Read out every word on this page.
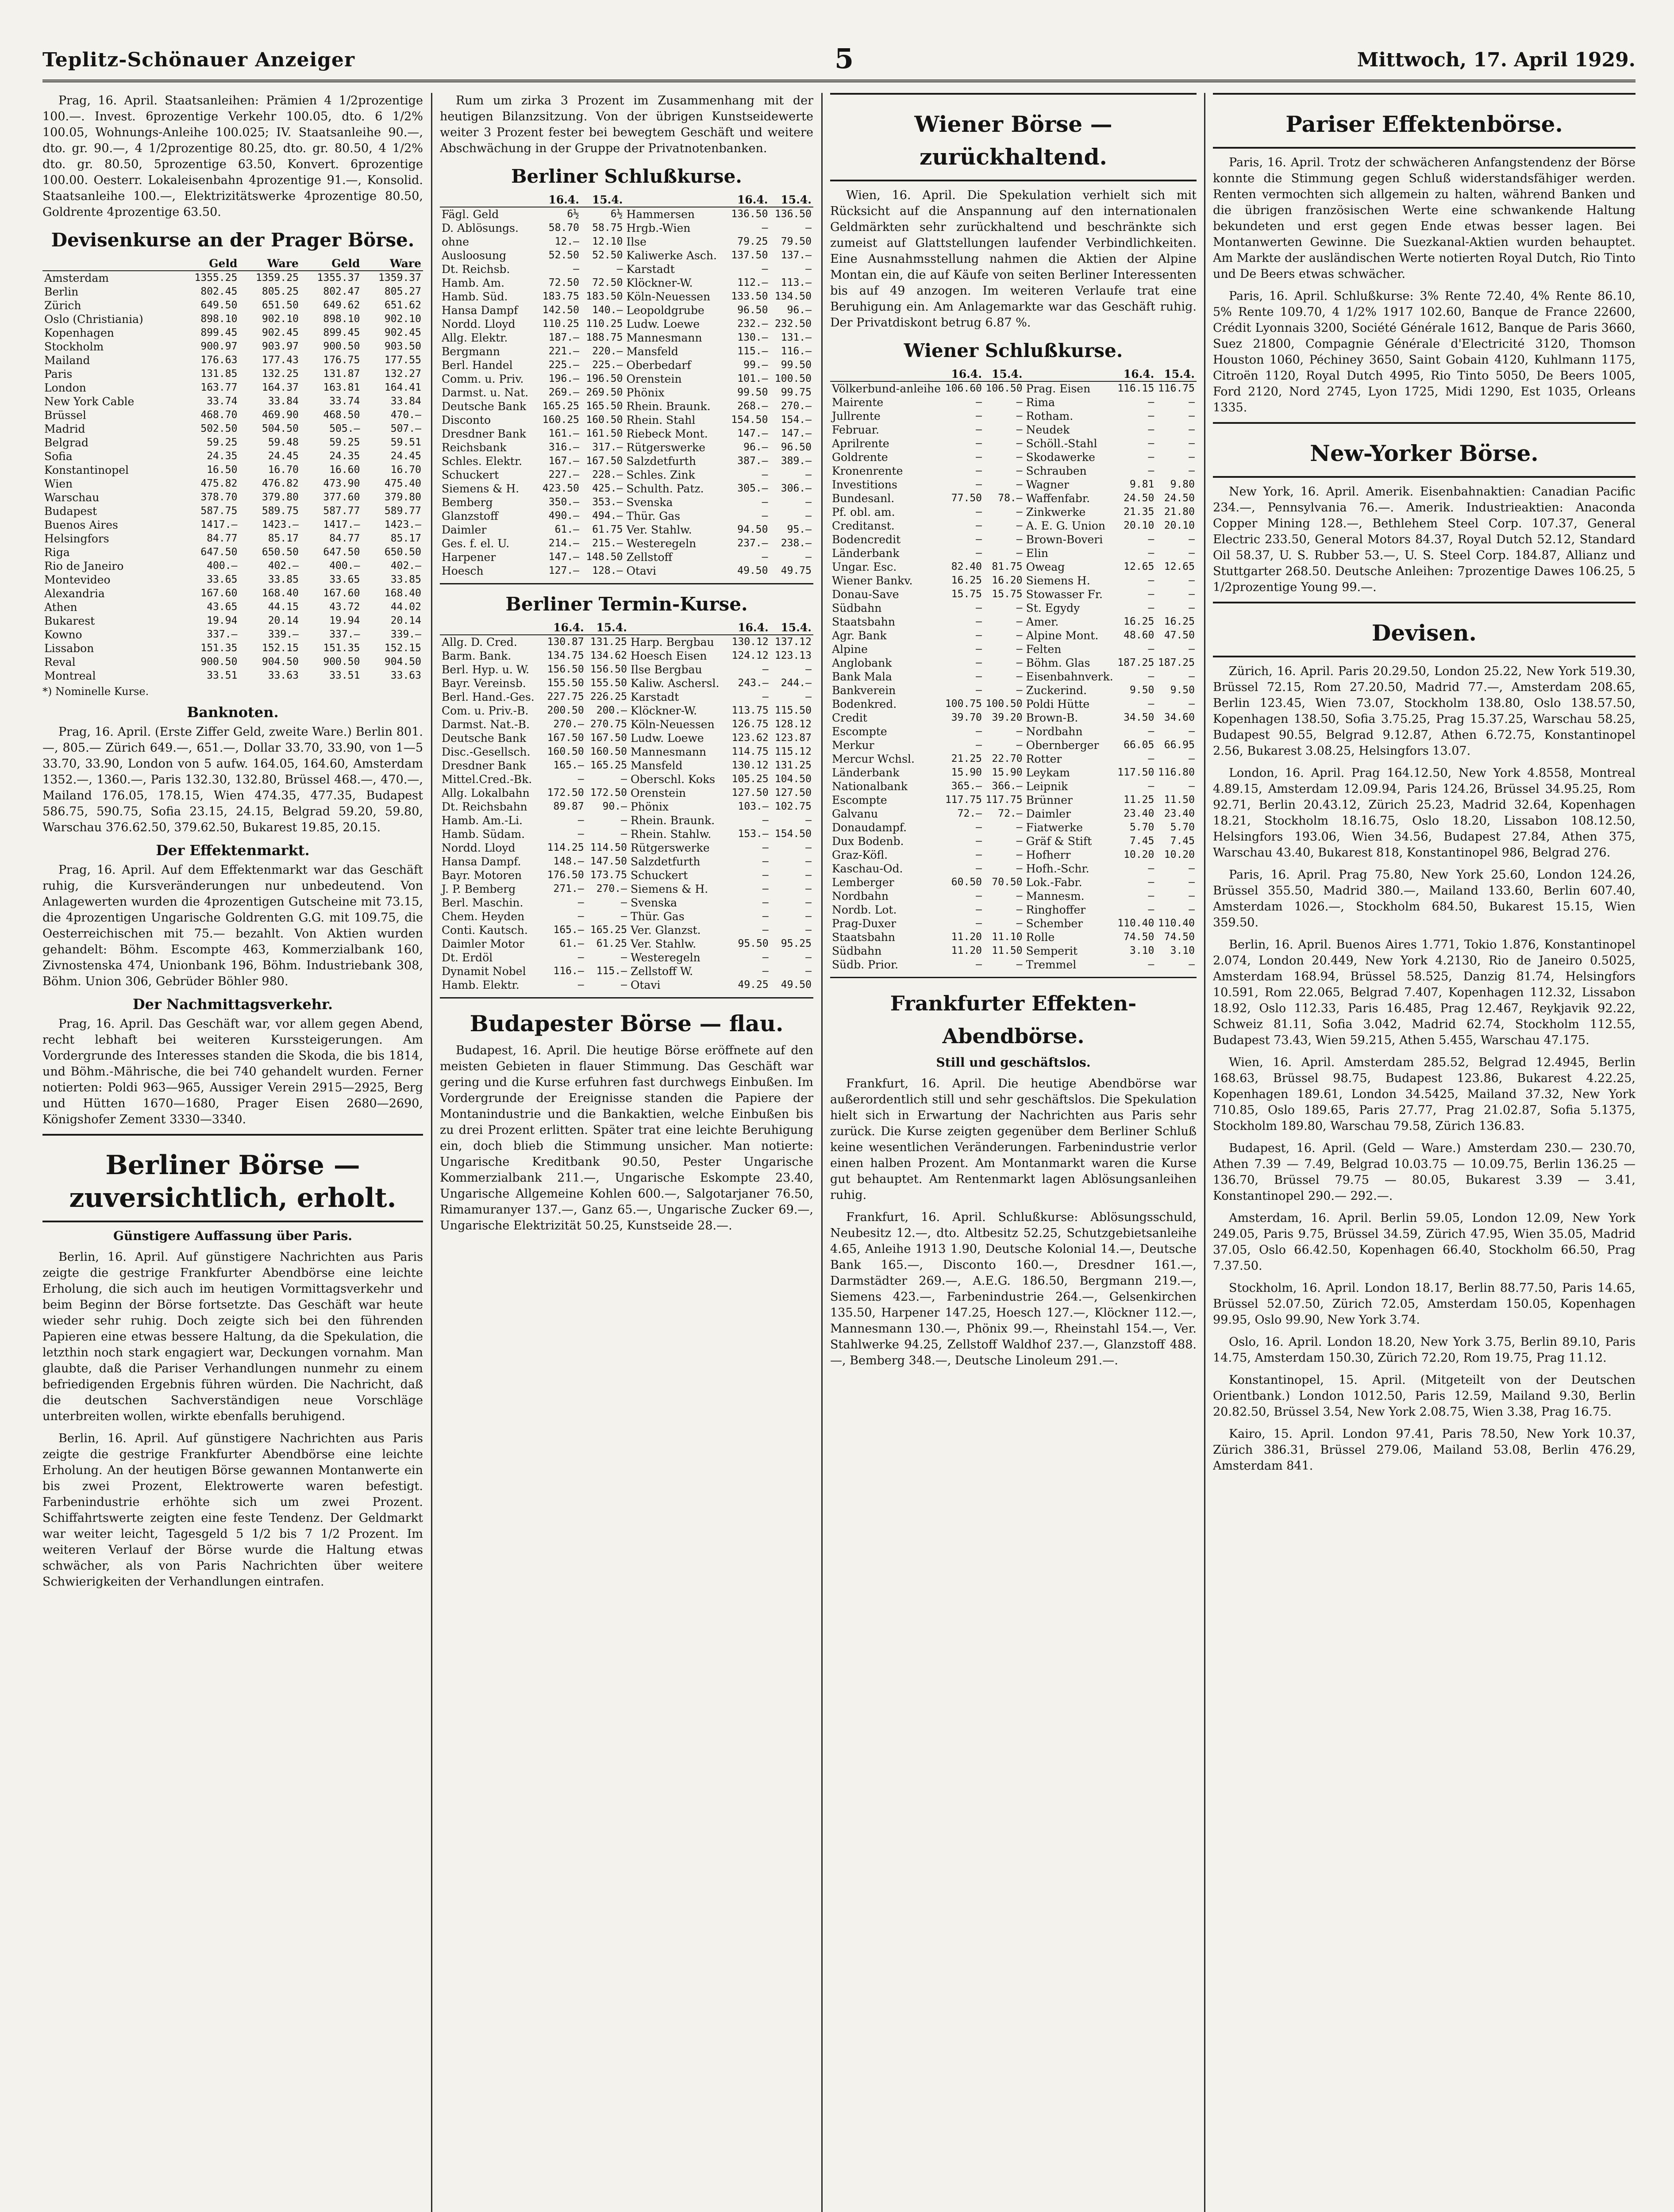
Teplitz-Schönauer Anzeiger	5	Mittwoch, 17. April 1929.

Prag, 16. April. Staatsanleihen: Prämien 4 1/2prozentige 100.—. Invest. 6prozentige Verkehr 100.05, dto. 6 1/2% 100.05, Wohnungs-Anleihe 100.025; IV. Staatsanleihe 90.—, dto. gr. 90.—, 4 1/2prozentige 80.25, dto. gr. 80.50, 4 1/2% dto. gr. 80.50, 5prozentige 63.50, Konvert. 6prozentige 100.00. Oesterr. Lokaleisenbahn 4prozentige 91.—, Konsolid. Staatsanleihe 100.—, Elektrizitätswerke 4prozentige 80.50, Goldrente 4prozentige 63.50.

Devisenkurse an der Prager Börse.
	Geld	Ware	Geld	Ware
Amsterdam	1355.25	1359.25	1355.37	1359.37
Berlin	802.45	805.25	802.47	805.27
Zürich	649.50	651.50	649.62	651.62
Oslo (Christiania)	898.10	902.10	898.10	902.10
Kopenhagen	899.45	902.45	899.45	902.45
Stockholm	900.97	903.97	900.50	903.50
Mailand	176.63	177.43	176.75	177.55
Paris	131.85	132.25	131.87	132.27
London	163.77	164.37	163.81	164.41
New York Cable	33.74	33.84	33.74	33.84
Brüssel	468.70	469.90	468.50	470.—
Madrid	502.50	504.50	505.—	507.—
Belgrad	59.25	59.48	59.25	59.51
Sofia	24.35	24.45	24.35	24.45
Konstantinopel	16.50	16.70	16.60	16.70
Wien	475.82	476.82	473.90	475.40
Warschau	378.70	379.80	377.60	379.80
Budapest	587.75	589.75	587.77	589.77
Buenos Aires	1417.—	1423.—	1417.—	1423.—
Helsingfors	84.77	85.17	84.77	85.17
Riga	647.50	650.50	647.50	650.50
Rio de Janeiro	400.—	402.—	400.—	402.—
Montevideo	33.65	33.85	33.65	33.85
Alexandria	167.60	168.40	167.60	168.40
Athen	43.65	44.15	43.72	44.02
Bukarest	19.94	20.14	19.94	20.14
Kowno	337.—	339.—	337.—	339.—
Lissabon	151.35	152.15	151.35	152.15
Reval	900.50	904.50	900.50	904.50
Montreal	33.51	33.63	33.51	33.63
*) Nominelle Kurse.
Banknoten.

Prag, 16. April. (Erste Ziffer Geld, zweite Ware.) Berlin 801.—, 805.— Zürich 649.—, 651.—, Dollar 33.70, 33.90, von 1—5 33.70, 33.90, London von 5 aufw. 164.05, 164.60, Amsterdam 1352.—, 1360.—, Paris 132.30, 132.80, Brüssel 468.—, 470.—, Mailand 176.05, 178.15, Wien 474.35, 477.35, Budapest 586.75, 590.75, Sofia 23.15, 24.15, Belgrad 59.20, 59.80, Warschau 376.62.50, 379.62.50, Bukarest 19.85, 20.15.

Der Effektenmarkt.

Prag, 16. April. Auf dem Effektenmarkt war das Geschäft ruhig, die Kursveränderungen nur unbedeutend. Von Anlagewerten wurden die 4prozentigen Gutscheine mit 73.15, die 4prozentigen Ungarische Goldrenten G.G. mit 109.75, die Oesterreichischen mit 75.— bezahlt. Von Aktien wurden gehandelt: Böhm. Escompte 463, Kommerzialbank 160, Zivnostenska 474, Unionbank 196, Böhm. Industriebank 308, Böhm. Union 306, Gebrüder Böhler 980.

Der Nachmittagsverkehr.

Prag, 16. April. Das Geschäft war, vor allem gegen Abend, recht lebhaft bei weiteren Kurssteigerungen. Am Vordergrunde des Interesses standen die Skoda, die bis 1814, und Böhm.-Mährische, die bei 740 gehandelt wurden. Ferner notierten: Poldi 963—965, Aussiger Verein 2915—2925, Berg und Hütten 1670—1680, Prager Eisen 2680—2690, Königshofer Zement 3330—3340.

Berliner Börse — zuversichtlich, erholt.
Günstigere Auffassung über Paris.

Berlin, 16. April. Auf günstigere Nachrichten aus Paris zeigte die gestrige Frankfurter Abendbörse eine leichte Erholung, die sich auch im heutigen Vormittagsverkehr und beim Beginn der Börse fortsetzte. Das Geschäft war heute wieder sehr ruhig. Doch zeigte sich bei den führenden Papieren eine etwas bessere Haltung, da die Spekulation, die letzthin noch stark engagiert war, Deckungen vornahm. Man glaubte, daß die Pariser Verhandlungen nunmehr zu einem befriedigenden Ergebnis führen würden. Die Nachricht, daß die deutschen Sachverständigen neue Vorschläge unterbreiten wollen, wirkte ebenfalls beruhigend.

Berlin, 16. April. Auf günstigere Nachrichten aus Paris zeigte die gestrige Frankfurter Abendbörse eine leichte Erholung. An der heutigen Börse gewannen Montanwerte ein bis zwei Prozent, Elektrowerte waren befestigt. Farbenindustrie erhöhte sich um zwei Prozent. Schiffahrtswerte zeigten eine feste Tendenz. Der Geldmarkt war weiter leicht, Tagesgeld 5 1/2 bis 7 1/2 Prozent. Im weiteren Verlauf der Börse wurde die Haltung etwas schwächer, als von Paris Nachrichten über weitere Schwierigkeiten der Verhandlungen eintrafen.

Rum um zirka 3 Prozent im Zusammenhang mit der heutigen Bilanzsitzung. Von der übrigen Kunstseidewerte weiter 3 Prozent fester bei bewegtem Geschäft und weitere Abschwächung in der Gruppe der Privatnotenbanken.

Berliner Schlußkurse.
	16.4.	15.4.		16.4.	15.4.
Fägl. Geld	6½	6½	Hammersen	136.50	136.50
D. Ablösungs.	58.70	58.75	Hrgb.-Wien	—	—
ohne	12.—	12.10	Ilse	79.25	79.50
Ausloosung	52.50	52.50	Kaliwerke Asch.	137.50	137.—
Dt. Reichsb.	—	—	Karstadt	—	—
Hamb. Am.	72.50	72.50	Klöckner-W.	112.—	113.—
Hamb. Süd.	183.75	183.50	Köln-Neuessen	133.50	134.50
Hansa Dampf	142.50	140.—	Leopoldgrube	96.50	96.—
Nordd. Lloyd	110.25	110.25	Ludw. Loewe	232.—	232.50
Allg. Elektr.	187.—	188.75	Mannesmann	130.—	131.—
Bergmann	221.—	220.—	Mansfeld	115.—	116.—
Berl. Handel	225.—	225.—	Oberbedarf	99.—	99.50
Comm. u. Priv.	196.—	196.50	Orenstein	101.—	100.50
Darmst. u. Nat.	269.—	269.50	Phönix	99.50	99.75
Deutsche Bank	165.25	165.50	Rhein. Braunk.	268.—	270.—
Disconto	160.25	160.50	Rhein. Stahl	154.50	154.—
Dresdner Bank	161.—	161.50	Riebeck Mont.	147.—	147.—
Reichsbank	316.—	317.—	Rütgerswerke	96.—	96.50
Schles. Elektr.	167.—	167.50	Salzdetfurth	387.—	389.—
Schuckert	227.—	228.—	Schles. Zink	—	—
Siemens & H.	423.50	425.—	Schulth. Patz.	305.—	306.—
Bemberg	350.—	353.—	Svenska	—	—
Glanzstoff	490.—	494.—	Thür. Gas	—	—
Daimler	61.—	61.75	Ver. Stahlw.	94.50	95.—
Ges. f. el. U.	214.—	215.—	Westeregeln	237.—	238.—
Harpener	147.—	148.50	Zellstoff	—	—
Hoesch	127.—	128.—	Otavi	49.50	49.75
Berliner Termin-Kurse.
	16.4.	15.4.		16.4.	15.4.
Allg. D. Cred.	130.87	131.25	Harp. Bergbau	130.12	137.12
Barm. Bank.	134.75	134.62	Hoesch Eisen	124.12	123.13
Berl. Hyp. u. W.	156.50	156.50	Ilse Bergbau	—	—
Bayr. Vereinsb.	155.50	155.50	Kaliw. Aschersl.	243.—	244.—
Berl. Hand.-Ges.	227.75	226.25	Karstadt	—	—
Com. u. Priv.-B.	200.50	200.—	Klöckner-W.	113.75	115.50
Darmst. Nat.-B.	270.—	270.75	Köln-Neuessen	126.75	128.12
Deutsche Bank	167.50	167.50	Ludw. Loewe	123.62	123.87
Disc.-Gesellsch.	160.50	160.50	Mannesmann	114.75	115.12
Dresdner Bank	165.—	165.25	Mansfeld	130.12	131.25
Mittel.Cred.-Bk.	—	—	Oberschl. Koks	105.25	104.50
Allg. Lokalbahn	172.50	172.50	Orenstein	127.50	127.50
Dt. Reichsbahn	89.87	90.—	Phönix	103.—	102.75
Hamb. Am.-Li.	—	—	Rhein. Braunk.	—	—
Hamb. Südam.	—	—	Rhein. Stahlw.	153.—	154.50
Nordd. Lloyd	114.25	114.50	Rütgerswerke	—	—
Hansa Dampf.	148.—	147.50	Salzdetfurth	—	—
Bayr. Motoren	176.50	173.75	Schuckert	—	—
J. P. Bemberg	271.—	270.—	Siemens & H.	—	—
Berl. Maschin.	—	—	Svenska	—	—
Chem. Heyden	—	—	Thür. Gas	—	—
Conti. Kautsch.	165.—	165.25	Ver. Glanzst.	—	—
Daimler Motor	61.—	61.25	Ver. Stahlw.	95.50	95.25
Dt. Erdöl	—	—	Westeregeln	—	—
Dynamit Nobel	116.—	115.—	Zellstoff W.	—	—
Hamb. Elektr.	—	—	Otavi	49.25	49.50
Budapester Börse — flau.

Budapest, 16. April. Die heutige Börse eröffnete auf den meisten Gebieten in flauer Stimmung. Das Geschäft war gering und die Kurse erfuhren fast durchwegs Einbußen. Im Vordergrunde der Ereignisse standen die Papiere der Montanindustrie und die Bankaktien, welche Einbußen bis zu drei Prozent erlitten. Später trat eine leichte Beruhigung ein, doch blieb die Stimmung unsicher. Man notierte: Ungarische Kreditbank 90.50, Pester Ungarische Kommerzialbank 211.—, Ungarische Eskompte 23.40, Ungarische Allgemeine Kohlen 600.—, Salgotarjaner 76.50, Rimamuranyer 137.—, Ganz 65.—, Ungarische Zucker 69.—, Ungarische Elektrizität 50.25, Kunstseide 28.—.

Wiener Börse — zurückhaltend.

Wien, 16. April. Die Spekulation verhielt sich mit Rücksicht auf die Anspannung auf den internationalen Geldmärkten sehr zurückhaltend und beschränkte sich zumeist auf Glattstellungen laufender Verbindlichkeiten. Eine Ausnahmsstellung nahmen die Aktien der Alpine Montan ein, die auf Käufe von seiten Berliner Interessenten bis auf 49 anzogen. Im weiteren Verlaufe trat eine Beruhigung ein. Am Anlagemarkte war das Geschäft ruhig. Der Privatdiskont betrug 6.87 %.

Wiener Schlußkurse.
	16.4.	15.4.		16.4.	15.4.
Völkerbund-anleihe	106.60	106.50	Prag. Eisen	116.15	116.75
Mairente	—	—	Rima	—	—
Jullrente	—	—	Rotham.	—	—
Februar.	—	—	Neudek	—	—
Aprilrente	—	—	Schöll.-Stahl	—	—
Goldrente	—	—	Skodawerke	—	—
Kronenrente	—	—	Schrauben	—	—
Investitions	—	—	Wagner	9.81	9.80
Bundesanl.	77.50	78.—	Waffenfabr.	24.50	24.50
Pf. obl. am.	—	—	Zinkwerke	21.35	21.80
Creditanst.	—	—	A. E. G. Union	20.10	20.10
Bodencredit	—	—	Brown-Boveri	—	—
Länderbank	—	—	Elin	—	—
Ungar. Esc.	82.40	81.75	Oweag	12.65	12.65
Wiener Bankv.	16.25	16.20	Siemens H.	—	—
Donau-Save	15.75	15.75	Stowasser Fr.	—	—
Südbahn	—	—	St. Egydy	—	—
Staatsbahn	—	—	Amer.	16.25	16.25
Agr. Bank	—	—	Alpine Mont.	48.60	47.50
Alpine	—	—	Felten	—	—
Anglobank	—	—	Böhm. Glas	187.25	187.25
Bank Mala	—	—	Eisenbahnverk.	—	—
Bankverein	—	—	Zuckerind.	9.50	9.50
Bodenkred.	100.75	100.50	Poldi Hütte	—	—
Credit	39.70	39.20	Brown-B.	34.50	34.60
Escompte	—	—	Nordbahn	—	—
Merkur	—	—	Obernberger	66.05	66.95
Mercur Wchsl.	21.25	22.70	Rotter	—	—
Länderbank	15.90	15.90	Leykam	117.50	116.80
Nationalbank	365.—	366.—	Leipnik	—	—
Escompte	117.75	117.75	Brünner	11.25	11.50
Galvanu	72.—	72.—	Daimler	23.40	23.40
Donaudampf.	—	—	Fiatwerke	5.70	5.70
Dux Bodenb.	—	—	Gräf & Stift	7.45	7.45
Graz-Köfl.	—	—	Hofherr	10.20	10.20
Kaschau-Od.	—	—	Hofh.-Schr.	—	—
Lemberger	60.50	70.50	Lok.-Fabr.	—	—
Nordbahn	—	—	Mannesm.	—	—
Nordb. Lot.	—	—	Ringhoffer	—	—
Prag-Duxer	—	—	Schember	110.40	110.40
Staatsbahn	11.20	11.10	Rolle	74.50	74.50
Südbahn	11.20	11.50	Semperit	3.10	3.10
Südb. Prior.	—	—	Tremmel	—	—
Frankfurter Effekten-Abendbörse.
Still und geschäftslos.

Frankfurt, 16. April. Die heutige Abendbörse war außerordentlich still und sehr geschäftslos. Die Spekulation hielt sich in Erwartung der Nachrichten aus Paris sehr zurück. Die Kurse zeigten gegenüber dem Berliner Schluß keine wesentlichen Veränderungen. Farbenindustrie verlor einen halben Prozent. Am Montanmarkt waren die Kurse gut behauptet. Am Rentenmarkt lagen Ablösungsanleihen ruhig.

Frankfurt, 16. April. Schlußkurse: Ablösungsschuld, Neubesitz 12.—, dto. Altbesitz 52.25, Schutzgebietsanleihe 4.65, Anleihe 1913 1.90, Deutsche Kolonial 14.—, Deutsche Bank 165.—, Disconto 160.—, Dresdner 161.—, Darmstädter 269.—, A.E.G. 186.50, Bergmann 219.—, Siemens 423.—, Farbenindustrie 264.—, Gelsenkirchen 135.50, Harpener 147.25, Hoesch 127.—, Klöckner 112.—, Mannesmann 130.—, Phönix 99.—, Rheinstahl 154.—, Ver. Stahlwerke 94.25, Zellstoff Waldhof 237.—, Glanzstoff 488.—, Bemberg 348.—, Deutsche Linoleum 291.—.

Pariser Effektenbörse.

Paris, 16. April. Trotz der schwächeren Anfangstendenz der Börse konnte die Stimmung gegen Schluß widerstandsfähiger werden. Renten vermochten sich allgemein zu halten, während Banken und die übrigen französischen Werte eine schwankende Haltung bekundeten und erst gegen Ende etwas besser lagen. Bei Montanwerten Gewinne. Die Suezkanal-Aktien wurden behauptet. Am Markte der ausländischen Werte notierten Royal Dutch, Rio Tinto und De Beers etwas schwächer.

Paris, 16. April. Schlußkurse: 3% Rente 72.40, 4% Rente 86.10, 5% Rente 109.70, 4 1/2% 1917 102.60, Banque de France 22600, Crédit Lyonnais 3200, Société Générale 1612, Banque de Paris 3660, Suez 21800, Compagnie Générale d'Electricité 3120, Thomson Houston 1060, Péchiney 3650, Saint Gobain 4120, Kuhlmann 1175, Citroën 1120, Royal Dutch 4995, Rio Tinto 5050, De Beers 1005, Ford 2120, Nord 2745, Lyon 1725, Midi 1290, Est 1035, Orleans 1335.

New-Yorker Börse.

New York, 16. April. Amerik. Eisenbahnaktien: Canadian Pacific 234.—, Pennsylvania 76.—. Amerik. Industrieaktien: Anaconda Copper Mining 128.—, Bethlehem Steel Corp. 107.37, General Electric 233.50, General Motors 84.37, Royal Dutch 52.12, Standard Oil 58.37, U. S. Rubber 53.—, U. S. Steel Corp. 184.87, Allianz und Stuttgarter 268.50. Deutsche Anleihen: 7prozentige Dawes 106.25, 5 1/2prozentige Young 99.—.

Devisen.

Zürich, 16. April. Paris 20.29.50, London 25.22, New York 519.30, Brüssel 72.15, Rom 27.20.50, Madrid 77.—, Amsterdam 208.65, Berlin 123.45, Wien 73.07, Stockholm 138.80, Oslo 138.57.50, Kopenhagen 138.50, Sofia 3.75.25, Prag 15.37.25, Warschau 58.25, Budapest 90.55, Belgrad 9.12.87, Athen 6.72.75, Konstantinopel 2.56, Bukarest 3.08.25, Helsingfors 13.07.

London, 16. April. Prag 164.12.50, New York 4.8558, Montreal 4.89.15, Amsterdam 12.09.94, Paris 124.26, Brüssel 34.95.25, Rom 92.71, Berlin 20.43.12, Zürich 25.23, Madrid 32.64, Kopenhagen 18.21, Stockholm 18.16.75, Oslo 18.20, Lissabon 108.12.50, Helsingfors 193.06, Wien 34.56, Budapest 27.84, Athen 375, Warschau 43.40, Bukarest 818, Konstantinopel 986, Belgrad 276.

Paris, 16. April. Prag 75.80, New York 25.60, London 124.26, Brüssel 355.50, Madrid 380.—, Mailand 133.60, Berlin 607.40, Amsterdam 1026.—, Stockholm 684.50, Bukarest 15.15, Wien 359.50.

Berlin, 16. April. Buenos Aires 1.771, Tokio 1.876, Konstantinopel 2.074, London 20.449, New York 4.2130, Rio de Janeiro 0.5025, Amsterdam 168.94, Brüssel 58.525, Danzig 81.74, Helsingfors 10.591, Rom 22.065, Belgrad 7.407, Kopenhagen 112.32, Lissabon 18.92, Oslo 112.33, Paris 16.485, Prag 12.467, Reykjavik 92.22, Schweiz 81.11, Sofia 3.042, Madrid 62.74, Stockholm 112.55, Budapest 73.43, Wien 59.215, Athen 5.455, Warschau 47.175.

Wien, 16. April. Amsterdam 285.52, Belgrad 12.4945, Berlin 168.63, Brüssel 98.75, Budapest 123.86, Bukarest 4.22.25, Kopenhagen 189.61, London 34.5425, Mailand 37.32, New York 710.85, Oslo 189.65, Paris 27.77, Prag 21.02.87, Sofia 5.1375, Stockholm 189.80, Warschau 79.58, Zürich 136.83.

Budapest, 16. April. (Geld — Ware.) Amsterdam 230.— 230.70, Athen 7.39 — 7.49, Belgrad 10.03.75 — 10.09.75, Berlin 136.25 — 136.70, Brüssel 79.75 — 80.05, Bukarest 3.39 — 3.41, Konstantinopel 290.— 292.—.

Amsterdam, 16. April. Berlin 59.05, London 12.09, New York 249.05, Paris 9.75, Brüssel 34.59, Zürich 47.95, Wien 35.05, Madrid 37.05, Oslo 66.42.50, Kopenhagen 66.40, Stockholm 66.50, Prag 7.37.50.

Stockholm, 16. April. London 18.17, Berlin 88.77.50, Paris 14.65, Brüssel 52.07.50, Zürich 72.05, Amsterdam 150.05, Kopenhagen 99.95, Oslo 99.90, New York 3.74.

Oslo, 16. April. London 18.20, New York 3.75, Berlin 89.10, Paris 14.75, Amsterdam 150.30, Zürich 72.20, Rom 19.75, Prag 11.12.

Konstantinopel, 15. April. (Mitgeteilt von der Deutschen Orientbank.) London 1012.50, Paris 12.59, Mailand 9.30, Berlin 20.82.50, Brüssel 3.54, New York 2.08.75, Wien 3.38, Prag 16.75.

Kairo, 15. April. London 97.41, Paris 78.50, New York 10.37, Zürich 386.31, Brüssel 279.06, Mailand 53.08, Berlin 476.29, Amsterdam 841.
